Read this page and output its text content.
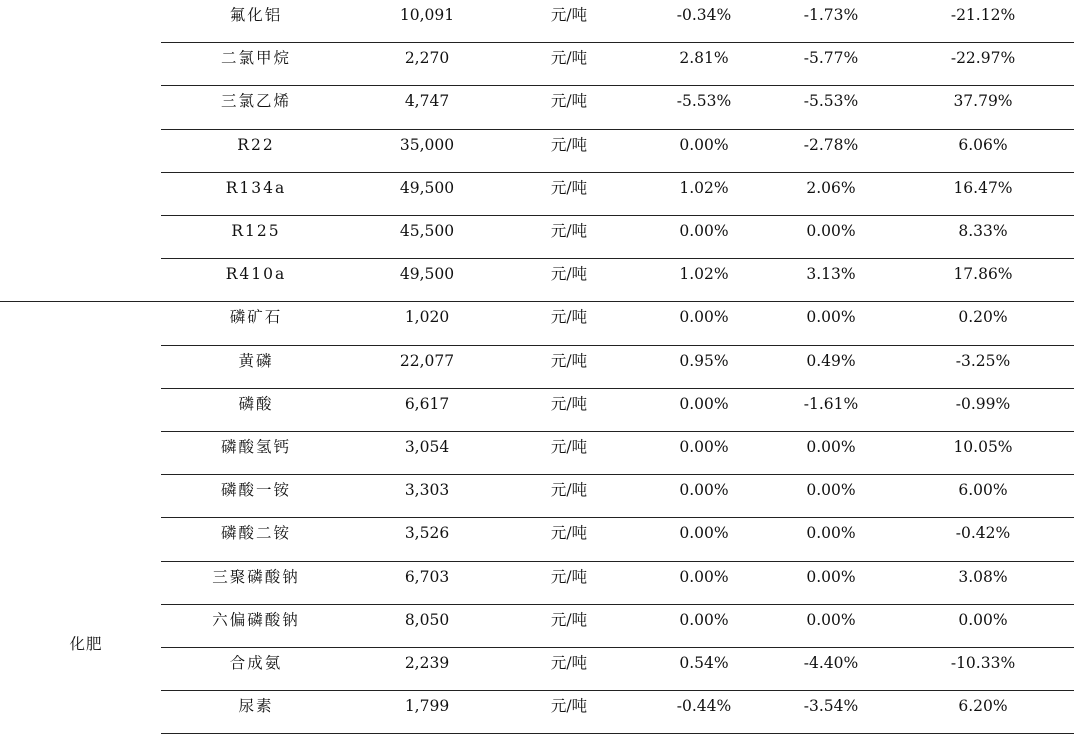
氟化铝	10,091	元/吨	-0.34%	-1.73%	-21.12%
二氯甲烷	2,270	元/吨	2.81%	-5.77%	-22.97%
三氯乙烯	4,747	元/吨	-5.53%	-5.53%	37.79%
R22	35,000	元/吨	0.00%	-2.78%	6.06%
R134a	49,500	元/吨	1.02%	2.06%	16.47%
R125	45,500	元/吨	0.00%	0.00%	8.33%
R410a	49,500	元/吨	1.02%	3.13%	17.86%
磷矿石	1,020	元/吨	0.00%	0.00%	0.20%
黄磷	22,077	元/吨	0.95%	0.49%	-3.25%
磷酸	6,617	元/吨	0.00%	-1.61%	-0.99%
磷酸氢钙	3,054	元/吨	0.00%	0.00%	10.05%
磷酸一铵	3,303	元/吨	0.00%	0.00%	6.00%
磷酸二铵	3,526	元/吨	0.00%	0.00%	-0.42%
三聚磷酸钠	6,703	元/吨	0.00%	0.00%	3.08%
六偏磷酸钠	8,050	元/吨	0.00%	0.00%	0.00%
合成氨	2,239	元/吨	0.54%	-4.40%	-10.33%
尿素	1,799	元/吨	-0.44%	-3.54%	6.20%
化肥
